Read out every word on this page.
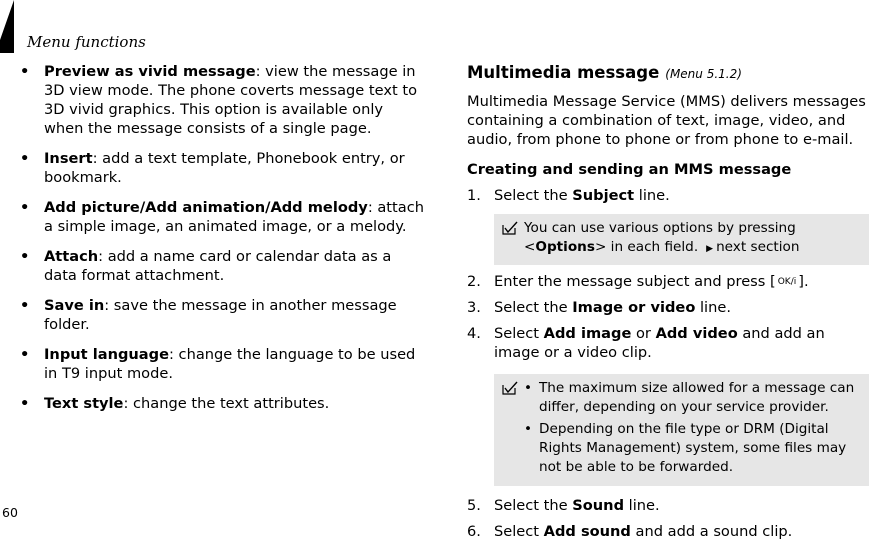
Menu functions
• Preview as vivid message: view the message in 3D view mode. The phone coverts message text to 3D vivid graphics. This option is available only when the message consists of a single page.
• Insert: add a text template, Phonebook entry, or bookmark.
• Add picture/Add animation/Add melody: attach a simple image, an animated image, or a melody.
• Attach: add a name card or calendar data as a data format attachment.
• Save in: save the message in another message folder.
• Input language: change the language to be used in T9 input mode.
• Text style: change the text attributes.
Multimedia message (Menu 5.1.2)
Multimedia Message Service (MMS) delivers messages containing a combination of text, image, video, and audio, from phone to phone or from phone to e-mail.
Creating and sending an MMS message
1. Select the Subject line.
You can use various options by pressing
<Options> in each field. ▶ next section
2. Enter the message subject and press [ OK/i ].
3. Select the Image or video line.
4. Select Add image or Add video and add an image or a video clip.
• The maximum size allowed for a message can differ, depending on your service provider.
• Depending on the file type or DRM (Digital Rights Management) system, some files may not be able to be forwarded.
5. Select the Sound line.
6. Select Add sound and add a sound clip.
60
